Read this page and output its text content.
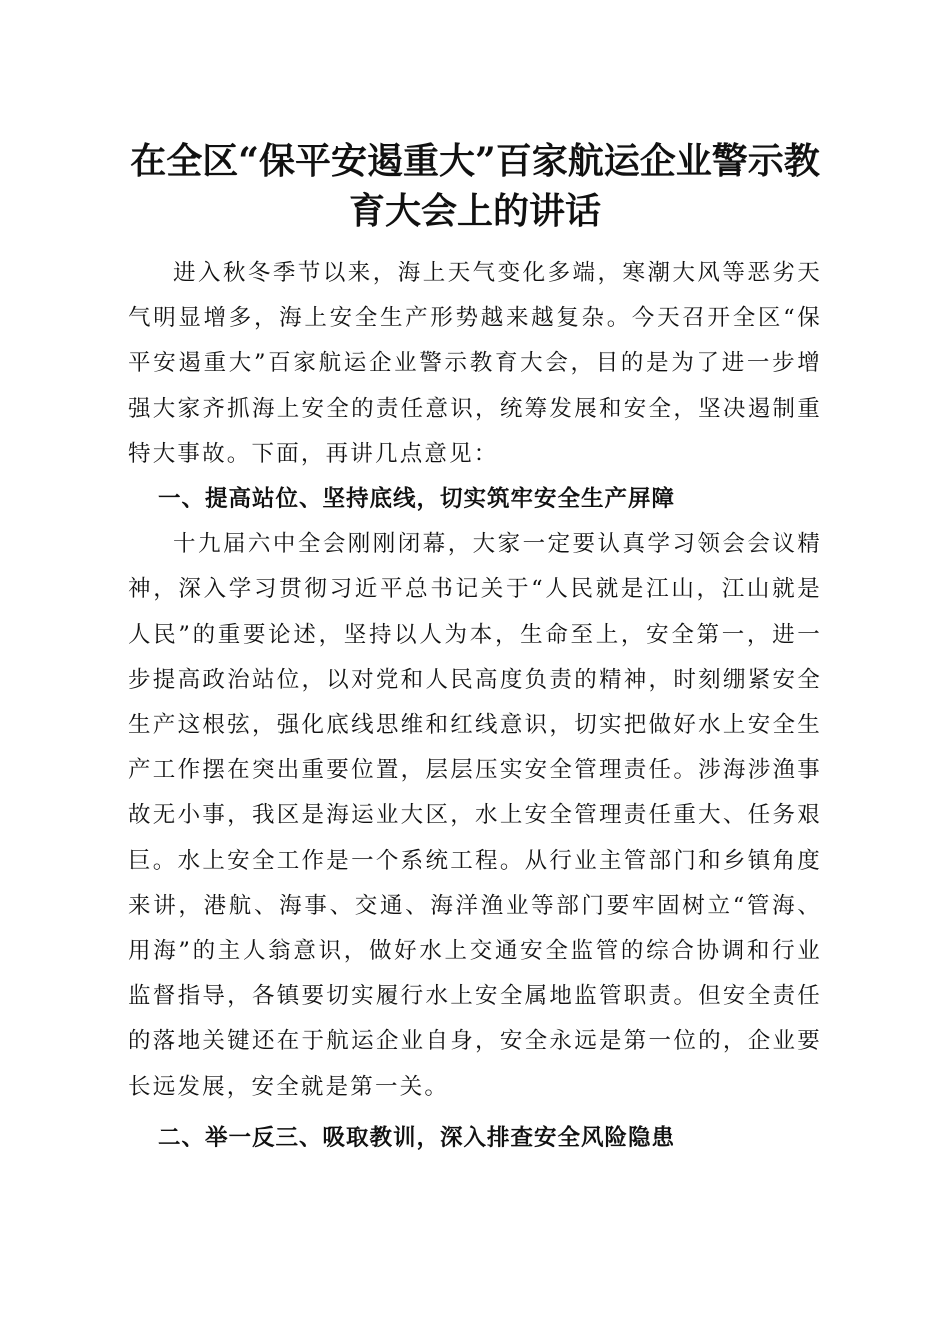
在全区“保平安遏重大”百家航运企业警示教
育大会上的讲话

进入秋冬季节以来，海上天气变化多端，寒潮大风等恶劣天气明显增多，海上安全生产形势越来越复杂。今天召开全区“保平安遏重大”百家航运企业警示教育大会，目的是为了进一步增强大家齐抓海上安全的责任意识，统筹发展和安全，坚决遏制重特大事故。下面，再讲几点意见：

一、提高站位、坚持底线，切实筑牢安全生产屏障

十九届六中全会刚刚闭幕，大家一定要认真学习领会会议精神，深入学习贯彻习近平总书记关于“人民就是江山，江山就是人民”的重要论述，坚持以人为本，生命至上，安全第一，进一步提高政治站位，以对党和人民高度负责的精神，时刻绷紧安全生产这根弦，强化底线思维和红线意识，切实把做好水上安全生产工作摆在突出重要位置，层层压实安全管理责任。涉海涉渔事故无小事，我区是海运业大区，水上安全管理责任重大、任务艰巨。水上安全工作是一个系统工程。从行业主管部门和乡镇角度来讲，港航、海事、交通、海洋渔业等部门要牢固树立“管海、用海”的主人翁意识，做好水上交通安全监管的综合协调和行业监督指导，各镇要切实履行水上安全属地监管职责。但安全责任的落地关键还在于航运企业自身，安全永远是第一位的，企业要长远发展，安全就是第一关。

二、举一反三、吸取教训，深入排查安全风险隐患
